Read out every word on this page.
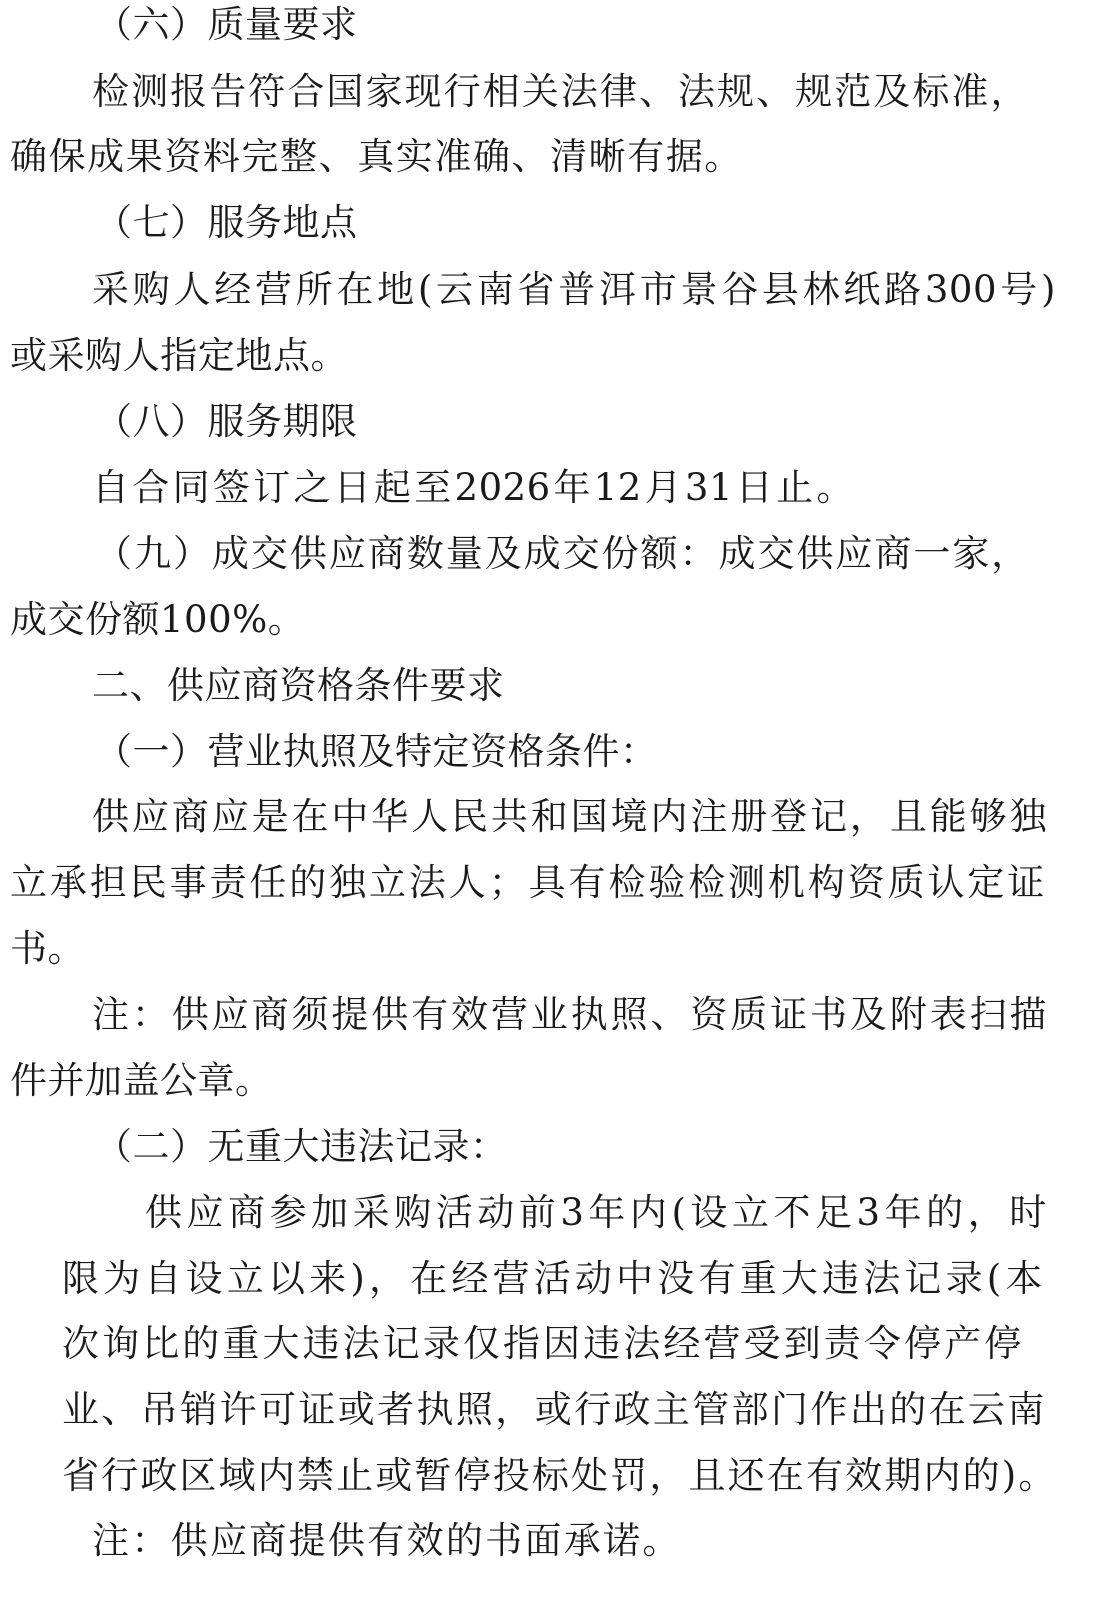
（六）质量要求
检 测 报 告 符 合 国 家 现 行 相 关 法 律 、 法 规 、 规 范 及 标 准 ，
确 保 成 果 资 料 完 整 、 真 实 准 确 、 清 晰 有 据 。
（七）服务地点
采 购 人 经 营 所 在 地 ( 云 南 省 普 洱 市 景 谷 县 林 纸 路 300 号 )
或 采 购 人 指 定 地 点 。
（八）服务期限
自 合 同 签 订 之 日 起 至 2026 年 12 月 31 日 止 。
（ 九 ） 成 交 供 应 商 数 量 及 成 交 份 额 ： 成 交 供 应 商 一 家 ，
成 交 份 额 100% 。
二、供应商资格条件要求
（一）营业执照及特定资格条件：
供 应 商 应 是 在 中 华 人 民 共 和 国 境 内 注 册 登 记 ， 且 能 够 独
立 承 担 民 事 责 任 的 独 立 法 人 ； 具 有 检 验 检 测 机 构 资 质 认 定 证
书 。
注 ： 供 应 商 须 提 供 有 效 营 业 执 照 、 资 质 证 书 及 附 表 扫 描
件 并 加 盖 公 章 。
（二）无重大违法记录：
供 应 商 参 加 采 购 活 动 前 3 年 内 ( 设 立 不 足 3 年 的 ， 时
限 为 自 设 立 以 来 ) ， 在 经 营 活 动 中 没 有 重 大 违 法 记 录 ( 本
次 询 比 的 重 大 违 法 记 录 仅 指 因 违 法 经 营 受 到 责 令 停 产 停
业 、 吊 销 许 可 证 或 者 执 照 ， 或 行 政 主 管 部 门 作 出 的 在 云 南
省 行 政 区 域 内 禁 止 或 暂 停 投 标 处 罚 ， 且 还 在 有 效 期 内 的 ) 。
注 ： 供 应 商 提 供 有 效 的 书 面 承 诺 。
